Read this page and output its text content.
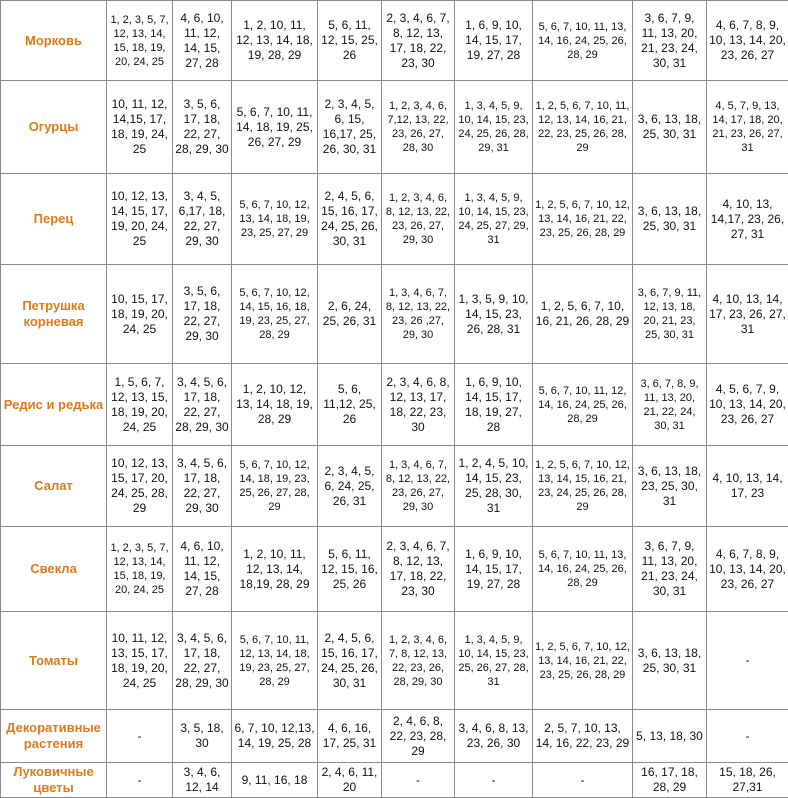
Морковь	1, 2, 3, 5, 7, 12, 13, 14, 15, 18, 19, 20, 24, 25	4, 6, 10, 11, 12, 14, 15, 27, 28	1, 2, 10, 11, 12, 13, 14, 18, 19, 28, 29	5, 6, 11, 12, 15, 25, 26	2, 3, 4, 6, 7, 8, 12, 13, 17, 18, 22, 23, 30	1, 6, 9, 10, 14, 15, 17, 19, 27, 28	5, 6, 7, 10, 11, 13, 14, 16, 24, 25, 26, 28, 29	3, 6, 7, 9, 11, 13, 20, 21, 23, 24, 30, 31	4, 6, 7, 8, 9, 10, 13, 14, 20, 23, 26, 27
Огурцы	10, 11, 12, 14,15, 17, 18, 19, 24, 25	3, 5, 6, 17, 18, 22, 27, 28, 29, 30	5, 6, 7, 10, 11, 14, 18, 19, 25, 26, 27, 29	2, 3, 4, 5, 6, 15, 16,17, 25, 26, 30, 31	1, 2, 3, 4, 6, 7,12, 13, 22, 23, 26, 27, 28, 30	1, 3, 4, 5, 9, 10, 14, 15, 23, 24, 25, 26, 28, 29, 31	1, 2, 5, 6, 7, 10, 11, 12, 13, 14, 16, 21, 22, 23, 25, 26, 28, 29	3, 6, 13, 18, 25, 30, 31	4, 5, 7, 9, 13, 14, 17, 18, 20, 21, 23, 26, 27, 31
Перец	10, 12, 13, 14, 15, 17, 19, 20, 24, 25	3, 4, 5, 6,17, 18, 22, 27, 29, 30	5, 6, 7, 10, 12, 13, 14, 18, 19, 23, 25, 27, 29	2, 4, 5, 6, 15, 16, 17, 24, 25, 26, 30, 31	1, 2, 3, 4, 6, 8, 12, 13, 22, 23, 26, 27, 29, 30	1, 3, 4, 5, 9, 10, 14, 15, 23, 24, 25, 27, 29, 31	1, 2, 5, 6, 7, 10, 12, 13, 14, 16, 21, 22, 23, 25, 26, 28, 29	3, 6, 13, 18, 25, 30, 31	4, 10, 13, 14,17, 23, 26, 27, 31
Петрушка корневая	10, 15, 17, 18, 19, 20, 24, 25	3, 5, 6, 17, 18, 22, 27, 29, 30	5, 6, 7, 10, 12, 14, 15, 16, 18, 19, 23, 25, 27, 28, 29	2, 6, 24, 25, 26, 31	1, 3, 4, 6, 7, 8, 12, 13, 22, 23, 26 ,27, 29, 30	1, 3, 5, 9, 10, 14, 15, 23, 26, 28, 31	1, 2, 5, 6, 7, 10, 16, 21, 26, 28, 29	3, 6, 7, 9, 11, 12, 13, 18, 20, 21, 23, 25, 30, 31	4, 10, 13, 14, 17, 23, 26, 27, 31
Редис и редька	1, 5, 6, 7, 12, 13, 15, 18, 19, 20, 24, 25	3, 4, 5, 6, 17, 18, 22, 27, 28, 29, 30	1, 2, 10, 12, 13, 14, 18, 19, 28, 29	5, 6, 11,12, 25, 26	2, 3, 4, 6, 8, 12, 13, 17, 18, 22, 23, 30	1, 6, 9, 10, 14, 15, 17, 18, 19, 27, 28	5, 6, 7, 10, 11, 12, 14, 16, 24, 25, 26, 28, 29	3, 6, 7, 8, 9, 11, 13, 20, 21, 22, 24, 30, 31	4, 5, 6, 7, 9, 10, 13, 14, 20, 23, 26, 27
Салат	10, 12, 13, 15, 17, 20, 24, 25, 28, 29	3, 4, 5, 6, 17, 18, 22, 27, 29, 30	5, 6, 7, 10, 12, 14, 18, 19, 23, 25, 26, 27, 28, 29	2, 3, 4, 5, 6, 24, 25, 26, 31	1, 3, 4, 6, 7, 8, 12, 13, 22, 23, 26, 27, 29, 30	1, 2, 4, 5, 10, 14, 15, 23, 25, 28, 30, 31	1, 2, 5, 6, 7, 10, 12, 13, 14, 15, 16, 21, 23, 24, 25, 26, 28, 29	3, 6, 13, 18, 23, 25, 30, 31	4, 10, 13, 14, 17, 23
Свекла	1, 2, 3, 5, 7, 12, 13, 14, 15, 18, 19, 20, 24, 25	4, 6, 10, 11, 12, 14, 15, 27, 28	1, 2, 10, 11, 12, 13, 14, 18,19, 28, 29	5, 6, 11, 12, 15, 16, 25, 26	2, 3, 4, 6, 7, 8, 12, 13, 17, 18, 22, 23, 30	1, 6, 9, 10, 14, 15, 17, 19, 27, 28	5, 6, 7, 10, 11, 13, 14, 16, 24, 25, 26, 28, 29	3, 6, 7, 9, 11, 13, 20, 21, 23, 24, 30, 31	4, 6, 7, 8, 9, 10, 13, 14, 20, 23, 26, 27
Томаты	10, 11, 12, 13, 15, 17, 18, 19, 20, 24, 25	3, 4, 5, 6, 17, 18, 22, 27, 28, 29, 30	5, 6, 7, 10, 11, 12, 13, 14, 18, 19, 23, 25, 27, 28, 29	2, 4, 5, 6, 15, 16, 17, 24, 25, 26, 30, 31	1, 2, 3, 4, 6, 7, 8, 12, 13, 22, 23, 26, 28, 29, 30	1, 3, 4, 5, 9, 10, 14, 15, 23, 25, 26, 27, 28, 31	1, 2, 5, 6, 7, 10, 12, 13, 14, 16, 21, 22, 23, 25, 26, 28, 29	3, 6, 13, 18, 25, 30, 31	-
Декоративные растения	-	3, 5, 18, 30	6, 7, 10, 12,13, 14, 19, 25, 28	4, 6, 16, 17, 25, 31	2, 4, 6, 8, 22, 23, 28, 29	3, 4, 6, 8, 13, 23, 26, 30	2, 5, 7, 10, 13, 14, 16, 22, 23, 29	5, 13, 18, 30	-
Луковичные цветы	-	3, 4, 6, 12, 14	9, 11, 16, 18	2, 4, 6, 11, 20	-	-	-	16, 17, 18, 28, 29	15, 18, 26, 27,31
